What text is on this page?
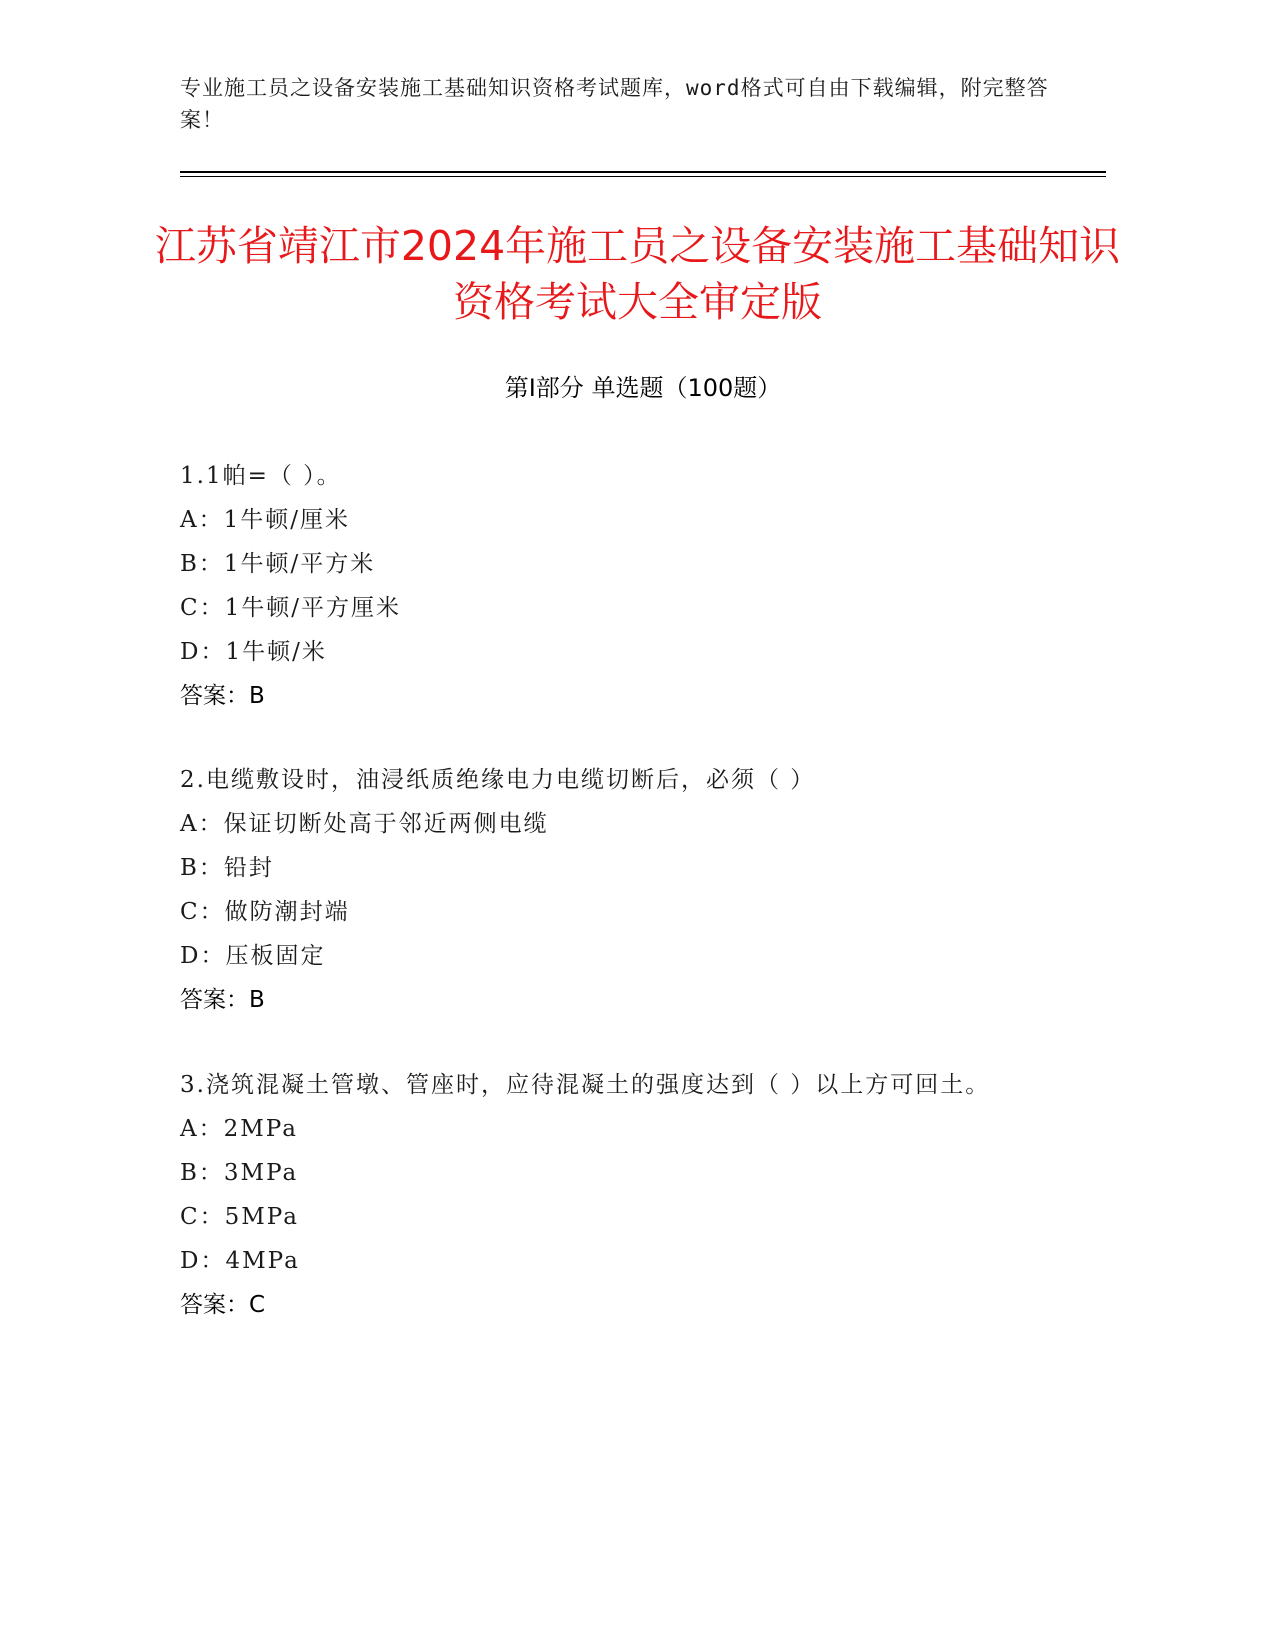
专业施工员之设备安装施工基础知识资格考试题库，word格式可自由下载编辑，附完整答案！
江苏省靖江市2024年施工员之设备安装施工基础知识资格考试大全审定版
第I部分 单选题（100题）
1.1帕=（ ）。
A：1牛顿/厘米
B：1牛顿/平方米
C：1牛顿/平方厘米
D：1牛顿/米
答案：B
2.电缆敷设时，油浸纸质绝缘电力电缆切断后，必须（ ）
A：保证切断处高于邻近两侧电缆
B：铅封
C：做防潮封端
D：压板固定
答案：B
3.浇筑混凝土管墩、管座时，应待混凝土的强度达到（ ）以上方可回土。
A：2MPa
B：3MPa
C：5MPa
D：4MPa
答案：C
